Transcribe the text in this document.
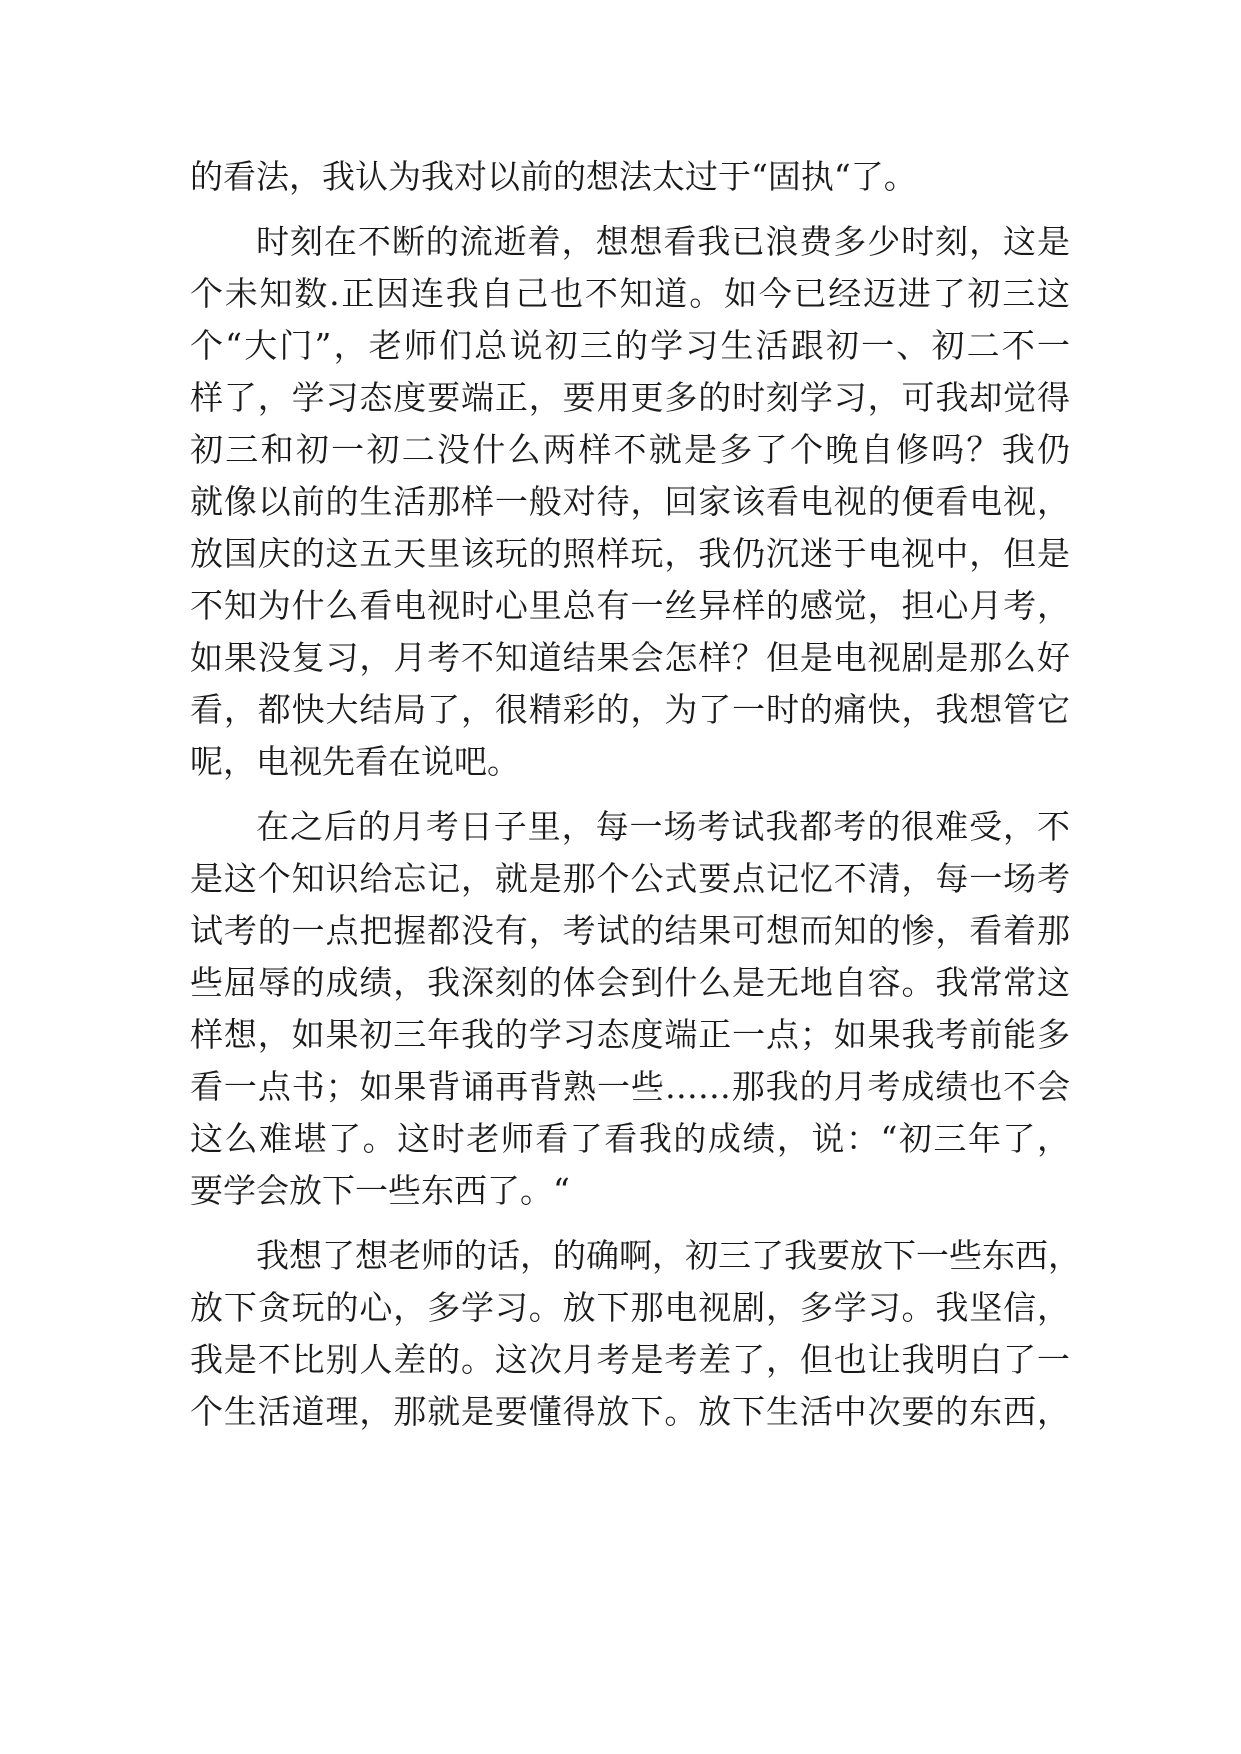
的看法，我认为我对以前的想法太过于“固执“了。
时刻在不断的流逝着，想想看我已浪费多少时刻，这是
个未知数.正因连我自己也不知道。如今已经迈进了初三这
个“大门”，老师们总说初三的学习生活跟初一、初二不一
样了，学习态度要端正，要用更多的时刻学习，可我却觉得
初三和初一初二没什么两样不就是多了个晚自修吗？我仍
就像以前的生活那样一般对待，回家该看电视的便看电视，
放国庆的这五天里该玩的照样玩，我仍沉迷于电视中，但是
不知为什么看电视时心里总有一丝异样的感觉，担心月考，
如果没复习，月考不知道结果会怎样？但是电视剧是那么好
看，都快大结局了，很精彩的，为了一时的痛快，我想管它
呢，电视先看在说吧。
在之后的月考日子里，每一场考试我都考的很难受，不
是这个知识给忘记，就是那个公式要点记忆不清，每一场考
试考的一点把握都没有，考试的结果可想而知的惨，看着那
些屈辱的成绩，我深刻的体会到什么是无地自容。我常常这
样想，如果初三年我的学习态度端正一点；如果我考前能多
看一点书；如果背诵再背熟一些……那我的月考成绩也不会
这么难堪了。这时老师看了看我的成绩，说：“初三年了，
要学会放下一些东西了。“
我想了想老师的话，的确啊，初三了我要放下一些东西，
放下贪玩的心，多学习。放下那电视剧，多学习。我坚信，
我是不比别人差的。这次月考是考差了，但也让我明白了一
个生活道理，那就是要懂得放下。放下生活中次要的东西，
